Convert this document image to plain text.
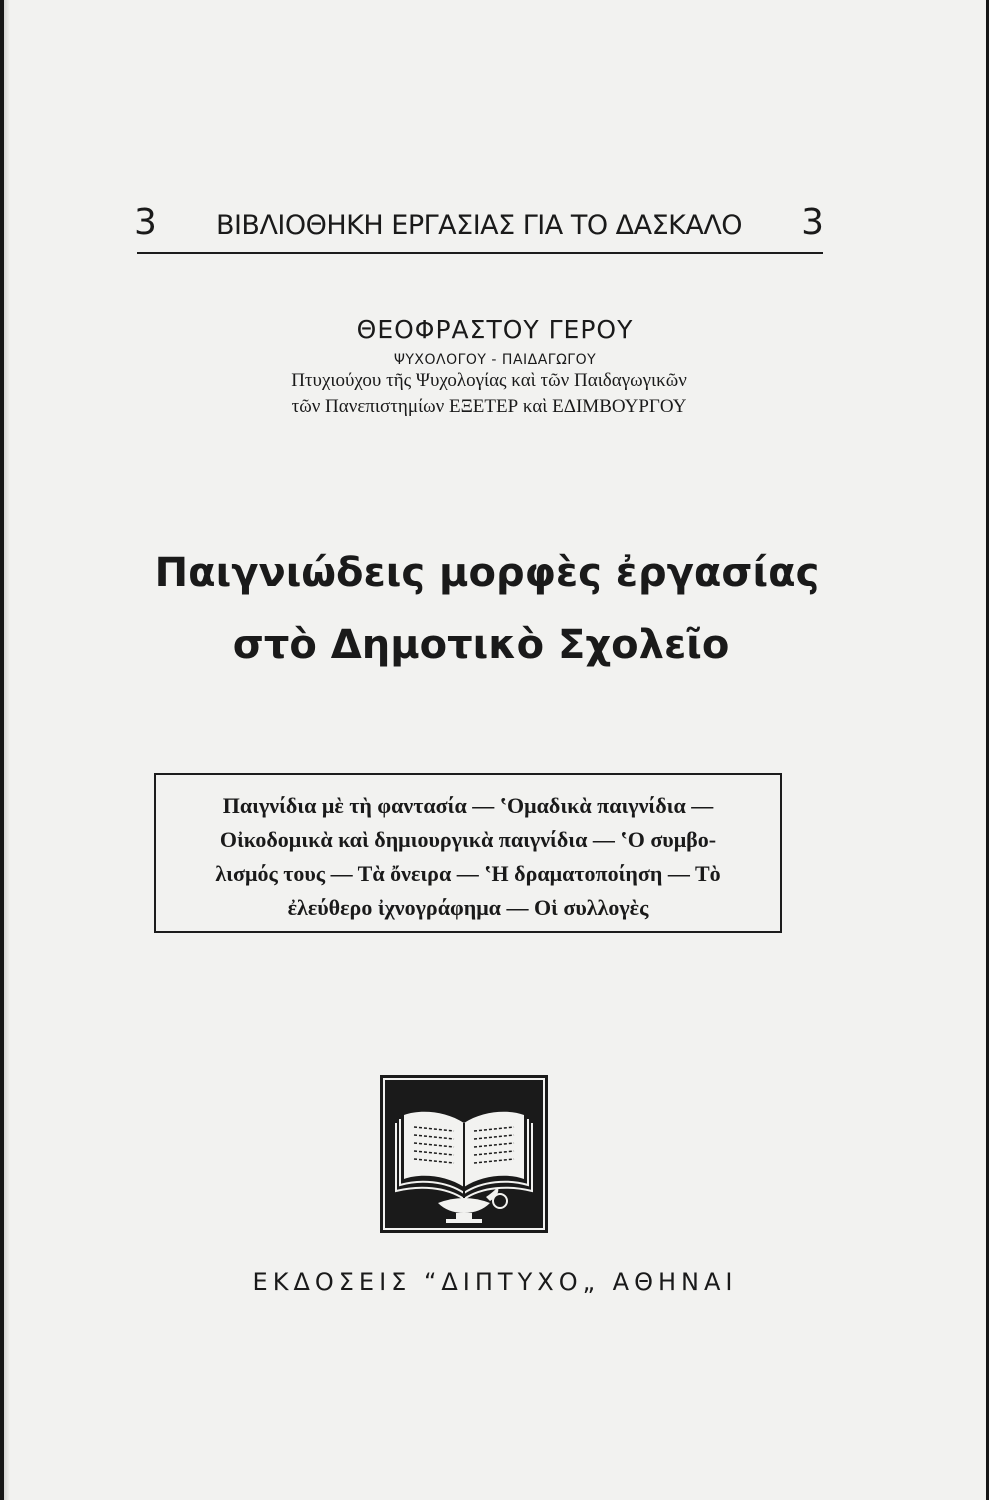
3	ΒΙΒΛΙΟΘΗΚΗ ΕΡΓΑΣΙΑΣ ΓΙΑ ΤΟ ΔΑΣΚΑΛΟ	3
ΘΕΟΦΡΑΣΤΟΥ ΓΕΡΟΥ
ΨΥΧΟΛΟΓΟΥ - ΠΑΙΔΑΓΩΓΟΥ
Πτυχιούχου τῆς Ψυχολογίας καὶ τῶν Παιδαγωγικῶν
τῶν Πανεπιστημίων ΕΞΕΤΕΡ καὶ ΕΔΙΜΒΟΥΡΓΟΥ
Παιγνιώδεις μορφὲς ἐργασίας
στὸ Δημοτικὸ Σχολεῖο
Παιγνίδια μὲ τὴ φαντασία — ʽΟμαδικὰ παιγνίδια —
Οἰκοδομικὰ καὶ δημιουργικὰ παιγνίδια — ʽΟ συμβο-
λισμός τους — Τὰ ὄνειρα — ʽΗ δραματοποίηση — Τὸ
ἐλεύθερο ἰχνογράφημα — Οἱ συλλογὲς
ΕΚΔΟΣΕΙΣ “ΔΙΠΤΥΧΟ„ ΑΘΗΝΑΙ
